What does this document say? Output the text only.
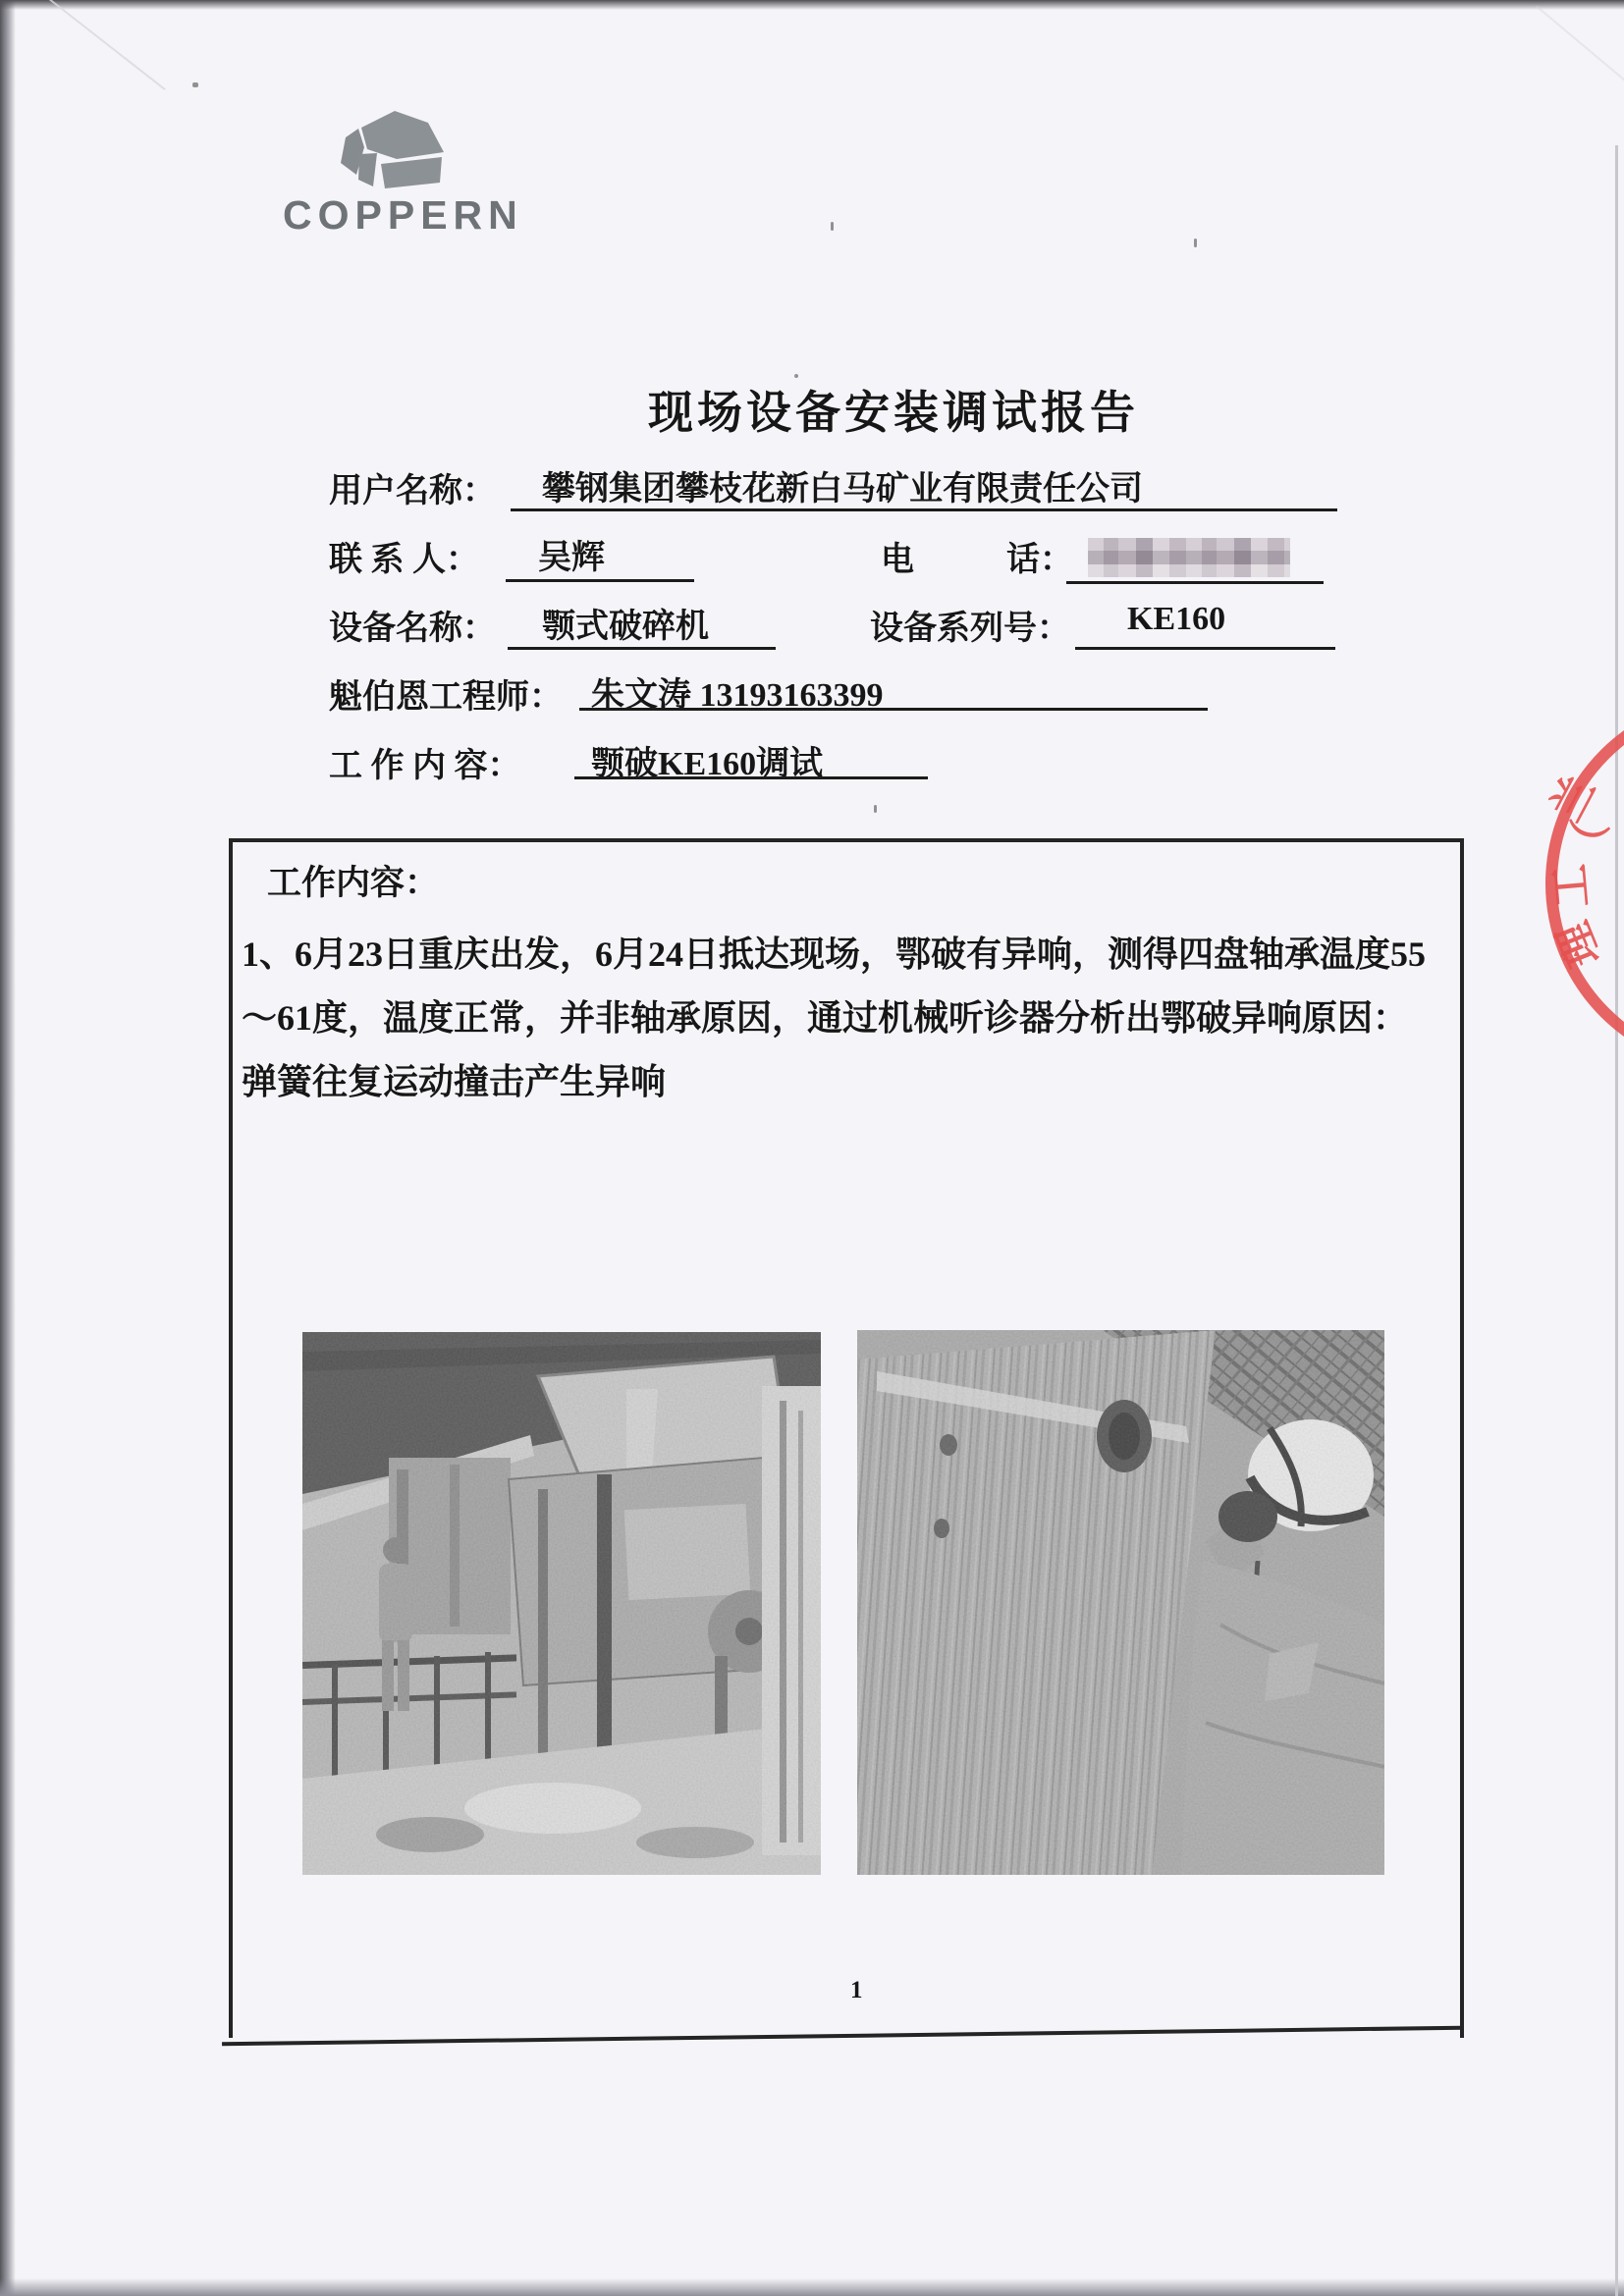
COPPERN
现场设备安装调试报告
用户名称： 攀钢集团攀枝花新白马矿业有限责任公司
联 系 人： 吴辉	电	话：
设备名称： 颚式破碎机	设备系列号： KE160
魁伯恩工程师： 朱文涛 13193163399
工 作 内 容： 颚破KE160调试
工作内容：
1、6月23日重庆出发，6月24日抵达现场，鄂破有异响，测得四盘轴承温度55
～61度，温度正常，并非轴承原因，通过机械听诊器分析出鄂破异响原因：
弹簧往复运动撞击产生异响
兰
（
工
理
1
